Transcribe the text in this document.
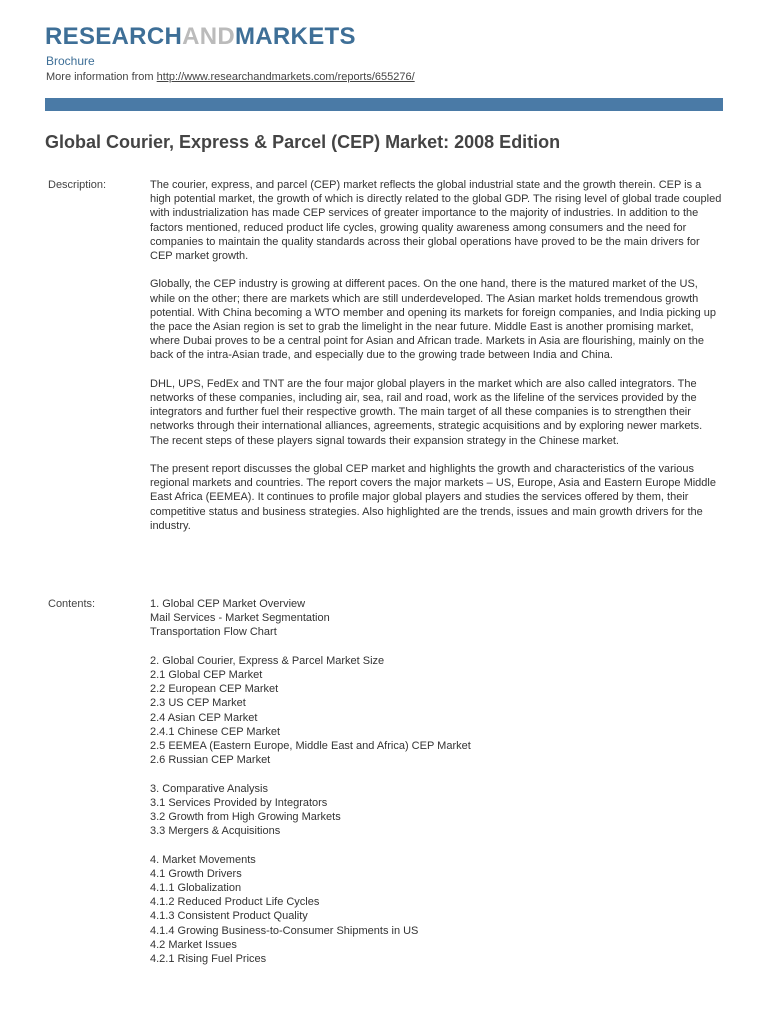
RESEARCHANDMARKETS
Brochure
More information from http://www.researchandmarkets.com/reports/655276/
Global Courier, Express & Parcel (CEP) Market: 2008 Edition
Description:	The courier, express, and parcel (CEP) market reflects the global industrial state and the growth therein. CEP is a high potential market, the growth of which is directly related to the global GDP. The rising level of global trade coupled with industrialization has made CEP services of greater importance to the majority of industries. In addition to the factors mentioned, reduced product life cycles, growing quality awareness among consumers and the need for companies to maintain the quality standards across their global operations have proved to be the main drivers for CEP market growth.

Globally, the CEP industry is growing at different paces. On the one hand, there is the matured market of the US, while on the other; there are markets which are still underdeveloped. The Asian market holds tremendous growth potential. With China becoming a WTO member and opening its markets for foreign companies, and India picking up the pace the Asian region is set to grab the limelight in the near future. Middle East is another promising market, where Dubai proves to be a central point for Asian and African trade. Markets in Asia are flourishing, mainly on the back of the intra-Asian trade, and especially due to the growing trade between India and China.

DHL, UPS, FedEx and TNT are the four major global players in the market which are also called integrators. The networks of these companies, including air, sea, rail and road, work as the lifeline of the services provided by the integrators and further fuel their respective growth. The main target of all these companies is to strengthen their networks through their international alliances, agreements, strategic acquisitions and by exploring newer markets. The recent steps of these players signal towards their expansion strategy in the Chinese market.

The present report discusses the global CEP market and highlights the growth and characteristics of the various regional markets and countries. The report covers the major markets – US, Europe, Asia and Eastern Europe Middle East Africa (EEMEA). It continues to profile major global players and studies the services offered by them, their competitive status and business strategies. Also highlighted are the trends, issues and main growth drivers for the industry.

Contents:	1. Global CEP Market Overview
Mail Services - Market Segmentation
Transportation Flow Chart
2. Global Courier, Express & Parcel Market Size
2.1 Global CEP Market
2.2 European CEP Market
2.3 US CEP Market
2.4 Asian CEP Market
2.4.1 Chinese CEP Market
2.5 EEMEA (Eastern Europe, Middle East and Africa) CEP Market
2.6 Russian CEP Market
3. Comparative Analysis
3.1 Services Provided by Integrators
3.2 Growth from High Growing Markets
3.3 Mergers & Acquisitions
4. Market Movements
4.1 Growth Drivers
4.1.1 Globalization
4.1.2 Reduced Product Life Cycles
4.1.3 Consistent Product Quality
4.1.4 Growing Business-to-Consumer Shipments in US
4.2 Market Issues
4.2.1 Rising Fuel Prices
